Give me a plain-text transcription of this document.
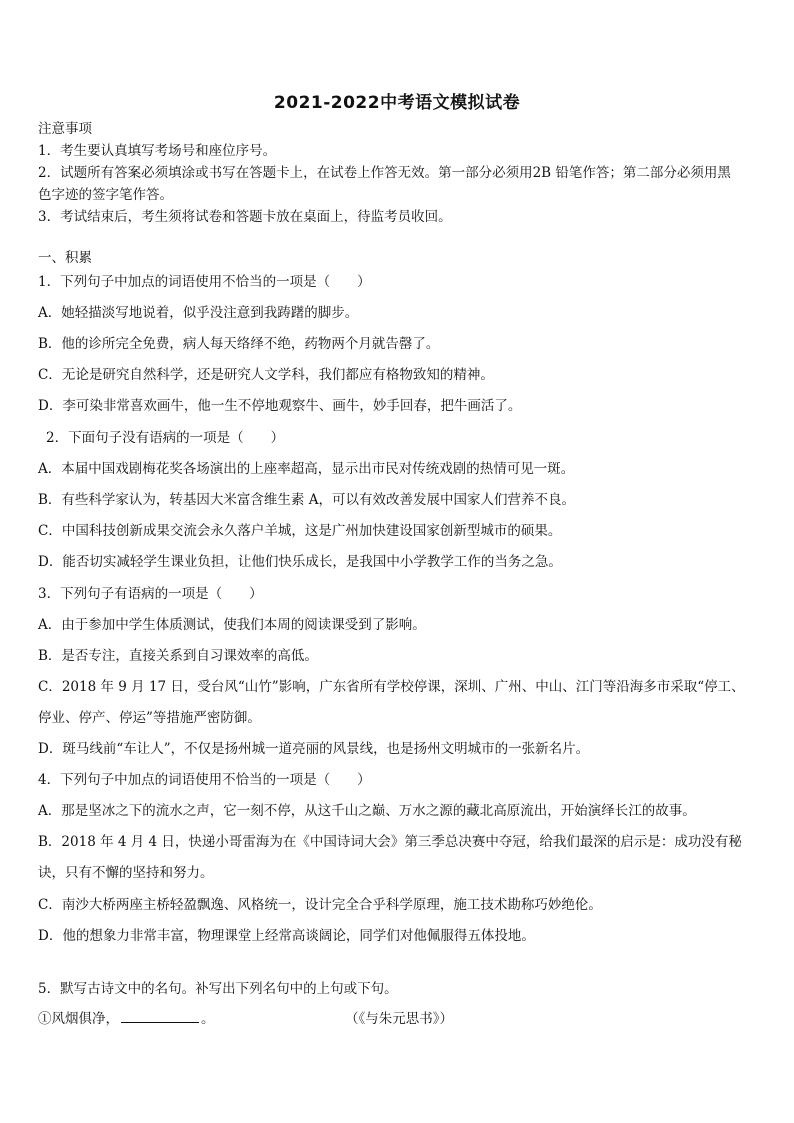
2021-2022中考语文模拟试卷
注意事项
1．考生要认真填写考场号和座位序号。
2．试题所有答案必须填涂或书写在答题卡上，在试卷上作答无效。第一部分必须用2B 铅笔作答；第二部分必须用黑
色字迹的签字笔作答。
3．考试结束后，考生须将试卷和答题卡放在桌面上，待监考员收回。
一、积累
1．下列句子中加点的词语使用不恰当的一项是（　　）
A．她轻描淡写地说着，似乎没注意到我踌躇的脚步。
B．他的诊所完全免费，病人每天络绎不绝，药物两个月就告罄了。
C．无论是研究自然科学，还是研究人文学科，我们都应有格物致知的精神。
D．李可染非常喜欢画牛，他一生不停地观察牛、画牛，妙手回春，把牛画活了。
2．下面句子没有语病的一项是（　　）
A．本届中国戏剧梅花奖各场演出的上座率超高，显示出市民对传统戏剧的热情可见一斑。
B．有些科学家认为，转基因大米富含维生素 A，可以有效改善发展中国家人们营养不良。
C．中国科技创新成果交流会永久落户羊城，这是广州加快建设国家创新型城市的硕果。
D．能否切实减轻学生课业负担，让他们快乐成长，是我国中小学教学工作的当务之急。
3．下列句子有语病的一项是（　　）
A．由于参加中学生体质测试，使我们本周的阅读课受到了影响。
B．是否专注，直接关系到自习课效率的高低。
C．2018 年 9 月 17 日，受台风“山竹”影响，广东省所有学校停课，深圳、广州、中山、江门等沿海多市采取“停工、
停业、停产、停运”等措施严密防御。
D．斑马线前“车让人”，不仅是扬州城一道亮丽的风景线，也是扬州文明城市的一张新名片。
4．下列句子中加点的词语使用不恰当的一项是（　　）
A．那是坚冰之下的流水之声，它一刻不停，从这千山之巅、万水之源的藏北高原流出，开始演绎长江的故事。
B．2018 年 4 月 4 日，快递小哥雷海为在《中国诗词大会》第三季总决赛中夺冠，给我们最深的启示是：成功没有秘
诀，只有不懈的坚持和努力。
C．南沙大桥两座主桥轻盈飘逸、风格统一，设计完全合乎科学原理，施工技术勘称巧妙绝伦。
D．他的想象力非常丰富，物理课堂上经常高谈阔论，同学们对他佩服得五体投地。
5．默写古诗文中的名句。补写出下列名句中的上句或下句。
①风烟俱净，	。	（《与朱元思书》）
